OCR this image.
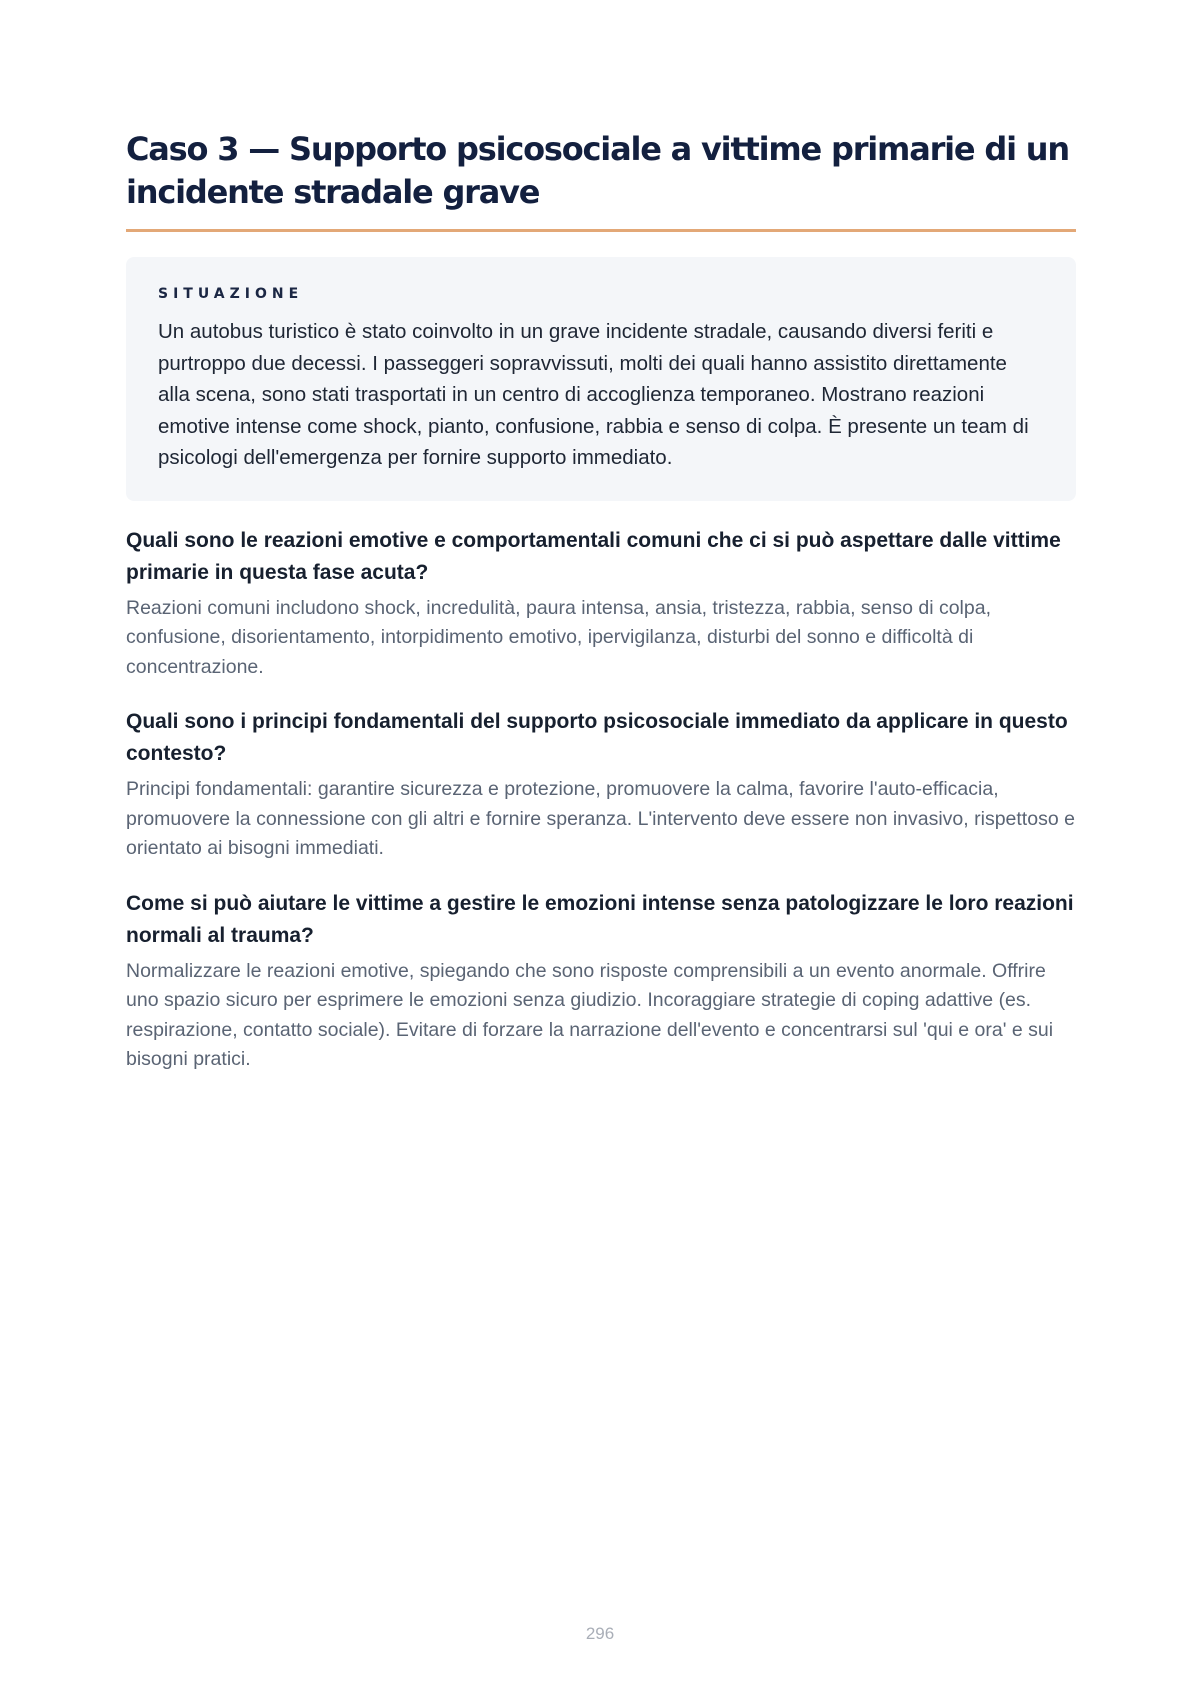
Caso 3 — Supporto psicosociale a vittime primarie di un incidente stradale grave
SITUAZIONE

Un autobus turistico è stato coinvolto in un grave incidente stradale, causando diversi feriti e purtroppo due decessi. I passeggeri sopravvissuti, molti dei quali hanno assistito direttamente alla scena, sono stati trasportati in un centro di accoglienza temporaneo. Mostrano reazioni emotive intense come shock, pianto, confusione, rabbia e senso di colpa. È presente un team di psicologi dell'emergenza per fornire supporto immediato.

Quali sono le reazioni emotive e comportamentali comuni che ci si può aspettare dalle vittime primarie in questa fase acuta?

Reazioni comuni includono shock, incredulità, paura intensa, ansia, tristezza, rabbia, senso di colpa, confusione, disorientamento, intorpidimento emotivo, ipervigilanza, disturbi del sonno e difficoltà di concentrazione.

Quali sono i principi fondamentali del supporto psicosociale immediato da applicare in questo contesto?

Principi fondamentali: garantire sicurezza e protezione, promuovere la calma, favorire l'auto-efficacia, promuovere la connessione con gli altri e fornire speranza. L'intervento deve essere non invasivo, rispettoso e orientato ai bisogni immediati.

Come si può aiutare le vittime a gestire le emozioni intense senza patologizzare le loro reazioni normali al trauma?

Normalizzare le reazioni emotive, spiegando che sono risposte comprensibili a un evento anormale. Offrire uno spazio sicuro per esprimere le emozioni senza giudizio. Incoraggiare strategie di coping adattive (es. respirazione, contatto sociale). Evitare di forzare la narrazione dell'evento e concentrarsi sul 'qui e ora' e sui bisogni pratici.

296
